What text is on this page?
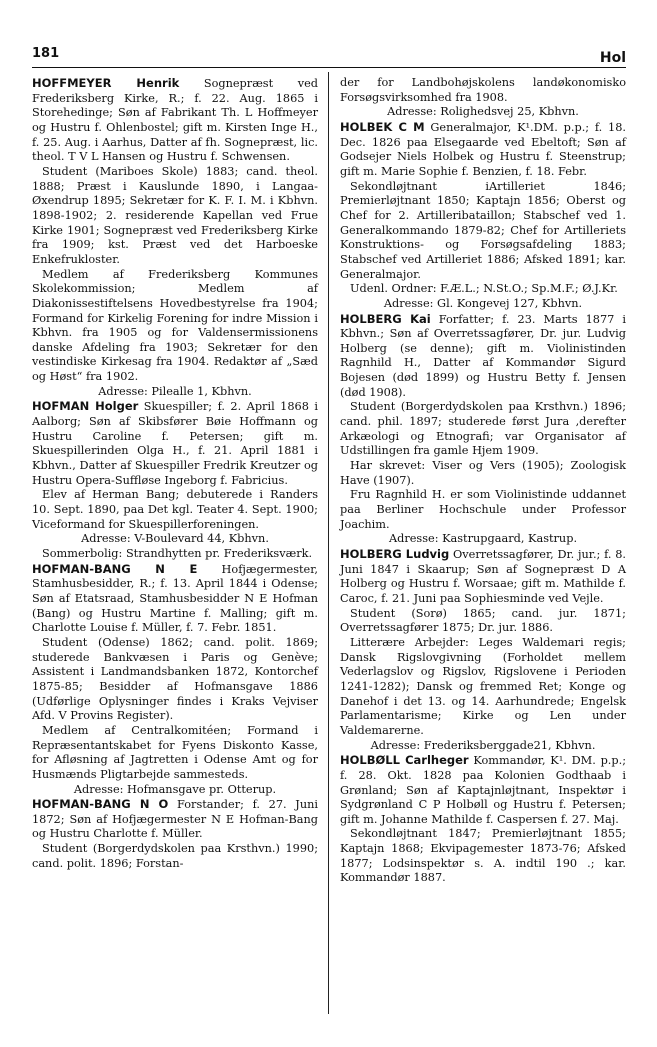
181	Hol

HOFFMEYER Henrik Sognepræst ved Frederiksberg Kirke, R.; f. 22. Aug. 1865 i Storehedinge; Søn af Fabrikant Th. L Hoffmeyer og Hustru f. Ohlenbostel; gift m. Kirsten Inge H., f. 25. Aug. i Aarhus, Datter af fh. Sognepræst, lic. theol. T V L Hansen og Hustru f. Schwensen.

Student (Mariboes Skole) 1883; cand. theol. 1888; Præst i Kauslunde 1890, i Langaa-Øxendrup 1895; Sekretær for K. F. I. M. i Kbhvn. 1898-1902; 2. residerende Kapellan ved Frue Kirke 1901; Sognepræst ved Frederiksberg Kirke fra 1909; kst. Præst ved det Harboeske Enkefrukloster.

Medlem af Frederiksberg Kommunes Skolekommission; Medlem af Diakonissestiftelsens Hovedbestyrelse fra 1904; Formand for Kirkelig Forening for indre Mission i Kbhvn. fra 1905 og for Valdensermissionens danske Afdeling fra 1903; Sekretær for den vestindiske Kirkesag fra 1904. Redaktør af „Sæd og Høst“ fra 1902.

Adresse: Pilealle 1, Kbhvn.

HOFMAN Holger Skuespiller; f. 2. April 1868 i Aalborg; Søn af Skibsfører Bøie Hoffmann og Hustru Caroline f. Petersen; gift m. Skuespillerinden Olga H., f. 21. April 1881 i Kbhvn., Datter af Skuespiller Fredrik Kreutzer og Hustru Opera-Suffløse Ingeborg f. Fabricius.

Elev af Herman Bang; debuterede i Randers 10. Sept. 1890, paa Det kgl. Teater 4. Sept. 1900; Viceformand for Skuespillerforeningen.

Adresse: V-Boulevard 44, Kbhvn.

Sommerbolig: Strandhytten pr. Frederiksværk.

HOFMAN-BANG N E Hofjægermester, Stamhusbesidder, R.; f. 13. April 1844 i Odense; Søn af Etatsraad, Stamhusbesidder N E Hofman (Bang) og Hustru Martine f. Malling; gift m. Charlotte Louise f. Müller, f. 7. Febr. 1851.

Student (Odense) 1862; cand. polit. 1869; studerede Bankvæsen i Paris og Genève; Assistent i Landmandsbanken 1872, Kontorchef 1875-85; Besidder af Hofmansgave 1886 (Udførlige Oplysninger findes i Kraks Vejviser Afd. V Provins Register).

Medlem af Centralkomitéen; Formand i Repræsentantskabet for Fyens Diskonto Kasse, for Afløsning af Jagtretten i Odense Amt og for Husmænds Pligtarbejde sammesteds.

Adresse: Hofmansgave pr. Otterup.

HOFMAN-BANG N O Forstander; f. 27. Juni 1872; Søn af Hofjægermester N E Hofman-Bang og Hustru Charlotte f. Müller.

Student (Borgerdydskolen paa Krsthvn.) 1990; cand. polit. 1896; Forstan-

der for Landbohøjskolens landøkonomisko Forsøgsvirksomhed fra 1908.

Adresse: Rolighedsvej 25, Kbhvn.

HOLBEK C M Generalmajor, K¹.DM. p.p.; f. 18. Dec. 1826 paa Elsegaarde ved Ebeltoft; Søn af Godsejer Niels Holbek og Hustru f. Steenstrup; gift m. Marie Sophie f. Benzien, f. 18. Febr.

Sekondløjtnant iArtilleriet 1846; Premierløjtnant 1850; Kaptajn 1856; Oberst og Chef for 2. Artilleribataillon; Stabschef ved 1. Generalkommando 1879-82; Chef for Artilleriets Konstruktions- og Forsøgsafdeling 1883; Stabschef ved Artilleriet 1886; Afsked 1891; kar. Generalmajor.

Udenl. Ordner: F.Æ.L.; N.St.O.; Sp.M.F.; Ø.J.Kr.

Adresse: Gl. Kongevej 127, Kbhvn.

HOLBERG Kai Forfatter; f. 23. Marts 1877 i Kbhvn.; Søn af Overretssagfører, Dr. jur. Ludvig Holberg (se denne); gift m. Violinistinden Ragnhild H., Datter af Kommandør Sigurd Bojesen (død 1899) og Hustru Betty f. Jensen (død 1908).

Student (Borgerdydskolen paa Krsthvn.) 1896; cand. phil. 1897; studerede først Jura ,derefter Arkæologi og Etnografi; var Organisator af Udstillingen fra gamle Hjem 1909.

Har skrevet: Viser og Vers (1905); Zoologisk Have (1907).

Fru Ragnhild H. er som Violinistinde uddannet paa Berliner Hochschule under Professor Joachim.

Adresse: Kastrupgaard, Kastrup.

HOLBERG Ludvig Overretssagfører, Dr. jur.; f. 8. Juni 1847 i Skaarup; Søn af Sognepræst D A Holberg og Hustru f. Worsaae; gift m. Mathilde f. Caroc, f. 21. Juni paa Sophiesminde ved Vejle.

Student (Sorø) 1865; cand. jur. 1871; Overretssagfører 1875; Dr. jur. 1886.

Litterære Arbejder: Leges Waldemari regis; Dansk Rigslovgivning (Forholdet mellem Vederlagslov og Rigslov, Rigslovene i Perioden 1241-1282); Dansk og fremmed Ret; Konge og Danehof i det 13. og 14. Aarhundrede; Engelsk Parlamentarisme; Kirke og Len under Valdemarerne.

Adresse: Frederiksberggade21, Kbhvn.

HOLBØLL Carlheger Kommandør, K¹. DM. p.p.; f. 28. Okt. 1828 paa Kolonien Godthaab i Grønland; Søn af Kaptajnløjtnant, Inspektør i Sydgrønland C P Holbøll og Hustru f. Petersen; gift m. Johanne Mathilde f. Caspersen f. 27. Maj.

Sekondløjtnant 1847; Premierløjtnant 1855; Kaptajn 1868; Ekvipagemester 1873-76; Afsked 1877; Lodsinspektør s. A. indtil 190 .; kar. Kommandør 1887.
